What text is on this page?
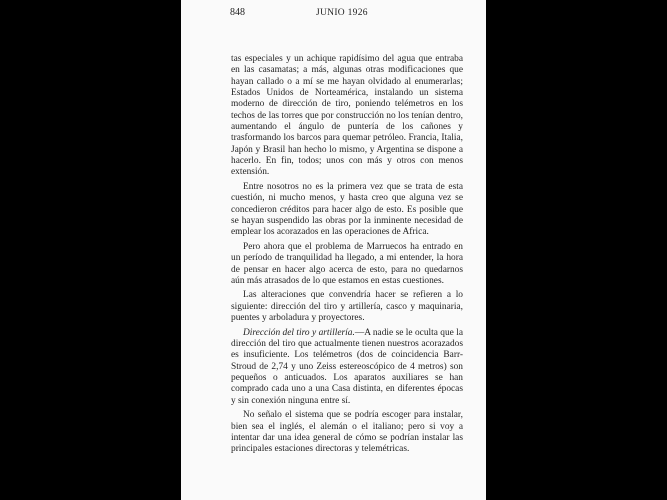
848	JUNIO 1926

tas especiales y un achique rapidísimo del agua que entraba en las casamatas; a más, algunas otras modificaciones que hayan callado o a mí se me hayan olvidado al enumerarlas; Estados Unidos de Norteamérica, instalando un sistema moderno de dirección de tiro, poniendo telémetros en los techos de las torres que por construcción no los tenían dentro, aumentando el ángulo de puntería de los cañones y trasformando los barcos para quemar petróleo. Francia, Italia, Japón y Brasil han hecho lo mismo, y Argentina se dispone a hacerlo. En fin, todos; unos con más y otros con menos extensión.

Entre nosotros no es la primera vez que se trata de esta cuestión, ni mucho menos, y hasta creo que alguna vez se concedieron créditos para hacer algo de esto. Es posible que se hayan suspendido las obras por la inminente necesidad de emplear los acorazados en las operaciones de Africa.

Pero ahora que el problema de Marruecos ha entrado en un período de tranquilidad ha llegado, a mi entender, la hora de pensar en hacer algo acerca de esto, para no quedarnos aún más atrasados de lo que estamos en estas cuestiones.

Las alteraciones que convendría hacer se refieren a lo siguiente: dirección del tiro y artillería, casco y maquinaria, puentes y arboladura y proyectores.

Dirección del tiro y artillería.—A nadie se le oculta que la dirección del tiro que actualmente tienen nuestros acorazados es insuficiente. Los telémetros (dos de coincidencia Barr-Stroud de 2,74 y uno Zeiss estereoscópico de 4 metros) son pequeños o anticuados. Los aparatos auxiliares se han comprado cada uno a una Casa distinta, en diferentes épocas y sin conexión ninguna entre sí.

No señalo el sistema que se podría escoger para instalar, bien sea el inglés, el alemán o el italiano; pero si voy a intentar dar una idea general de cómo se podrían instalar las principales estaciones directoras y telemétricas.
